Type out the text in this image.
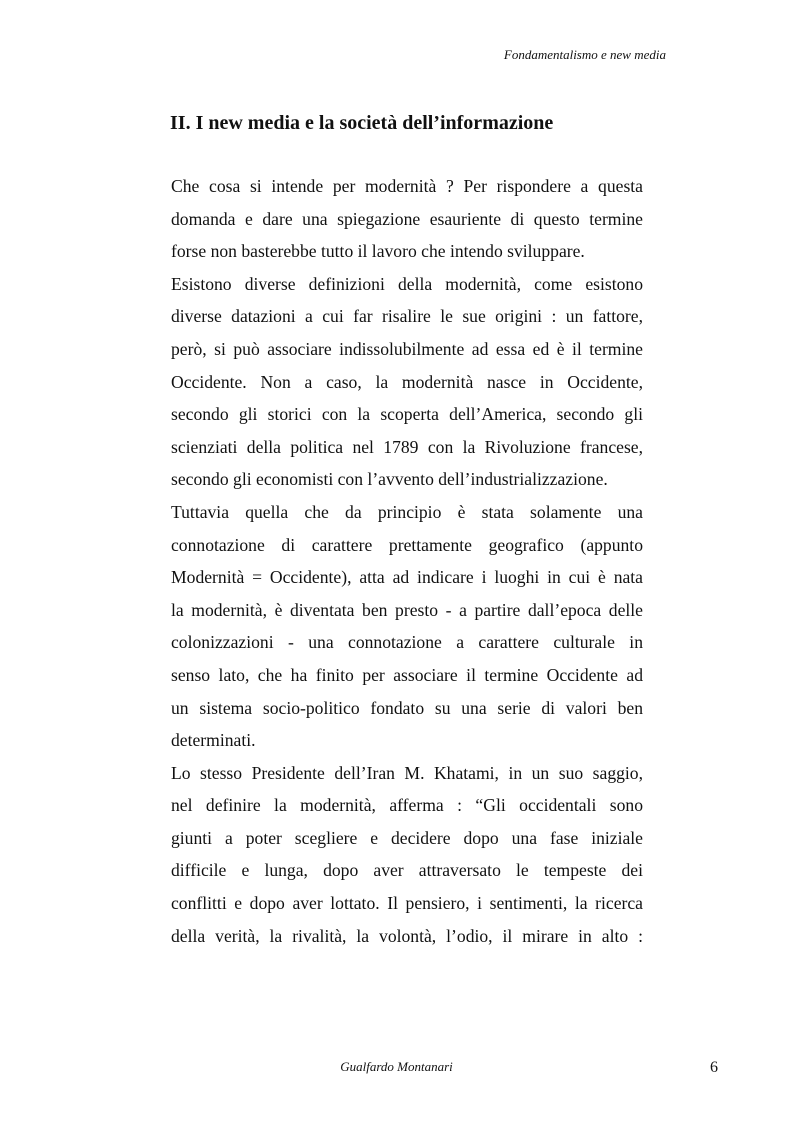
Fondamentalismo e new media
II. I new media e la società dell’informazione
Che cosa si intende per modernità ? Per rispondere a questa
domanda e dare una spiegazione esauriente di questo termine
forse non basterebbe tutto il lavoro che intendo sviluppare.
Esistono diverse definizioni della modernità, come esistono
diverse datazioni a cui far risalire le sue origini : un fattore,
però, si può associare indissolubilmente ad essa ed è il termine
Occidente. Non a caso, la modernità nasce in Occidente,
secondo gli storici con la scoperta dell’America, secondo gli
scienziati della politica nel 1789 con la Rivoluzione francese,
secondo gli economisti con l’avvento dell’industrializzazione.
Tuttavia quella che da principio è stata solamente una
connotazione di carattere prettamente geografico (appunto
Modernità = Occidente), atta ad indicare i luoghi in cui è nata
la modernità, è diventata ben presto - a partire dall’epoca delle
colonizzazioni - una connotazione a carattere culturale in
senso lato, che ha finito per associare il termine Occidente ad
un sistema socio-politico fondato su una serie di valori ben
determinati.
Lo stesso Presidente dell’Iran M. Khatami, in un suo saggio,
nel definire la modernità, afferma : “Gli occidentali sono
giunti a poter scegliere e decidere dopo una fase iniziale
difficile e lunga, dopo aver attraversato le tempeste dei
conflitti e dopo aver lottato. Il pensiero, i sentimenti, la ricerca
della verità, la rivalità, la volontà, l’odio, il mirare in alto :
Gualfardo Montanari	6
